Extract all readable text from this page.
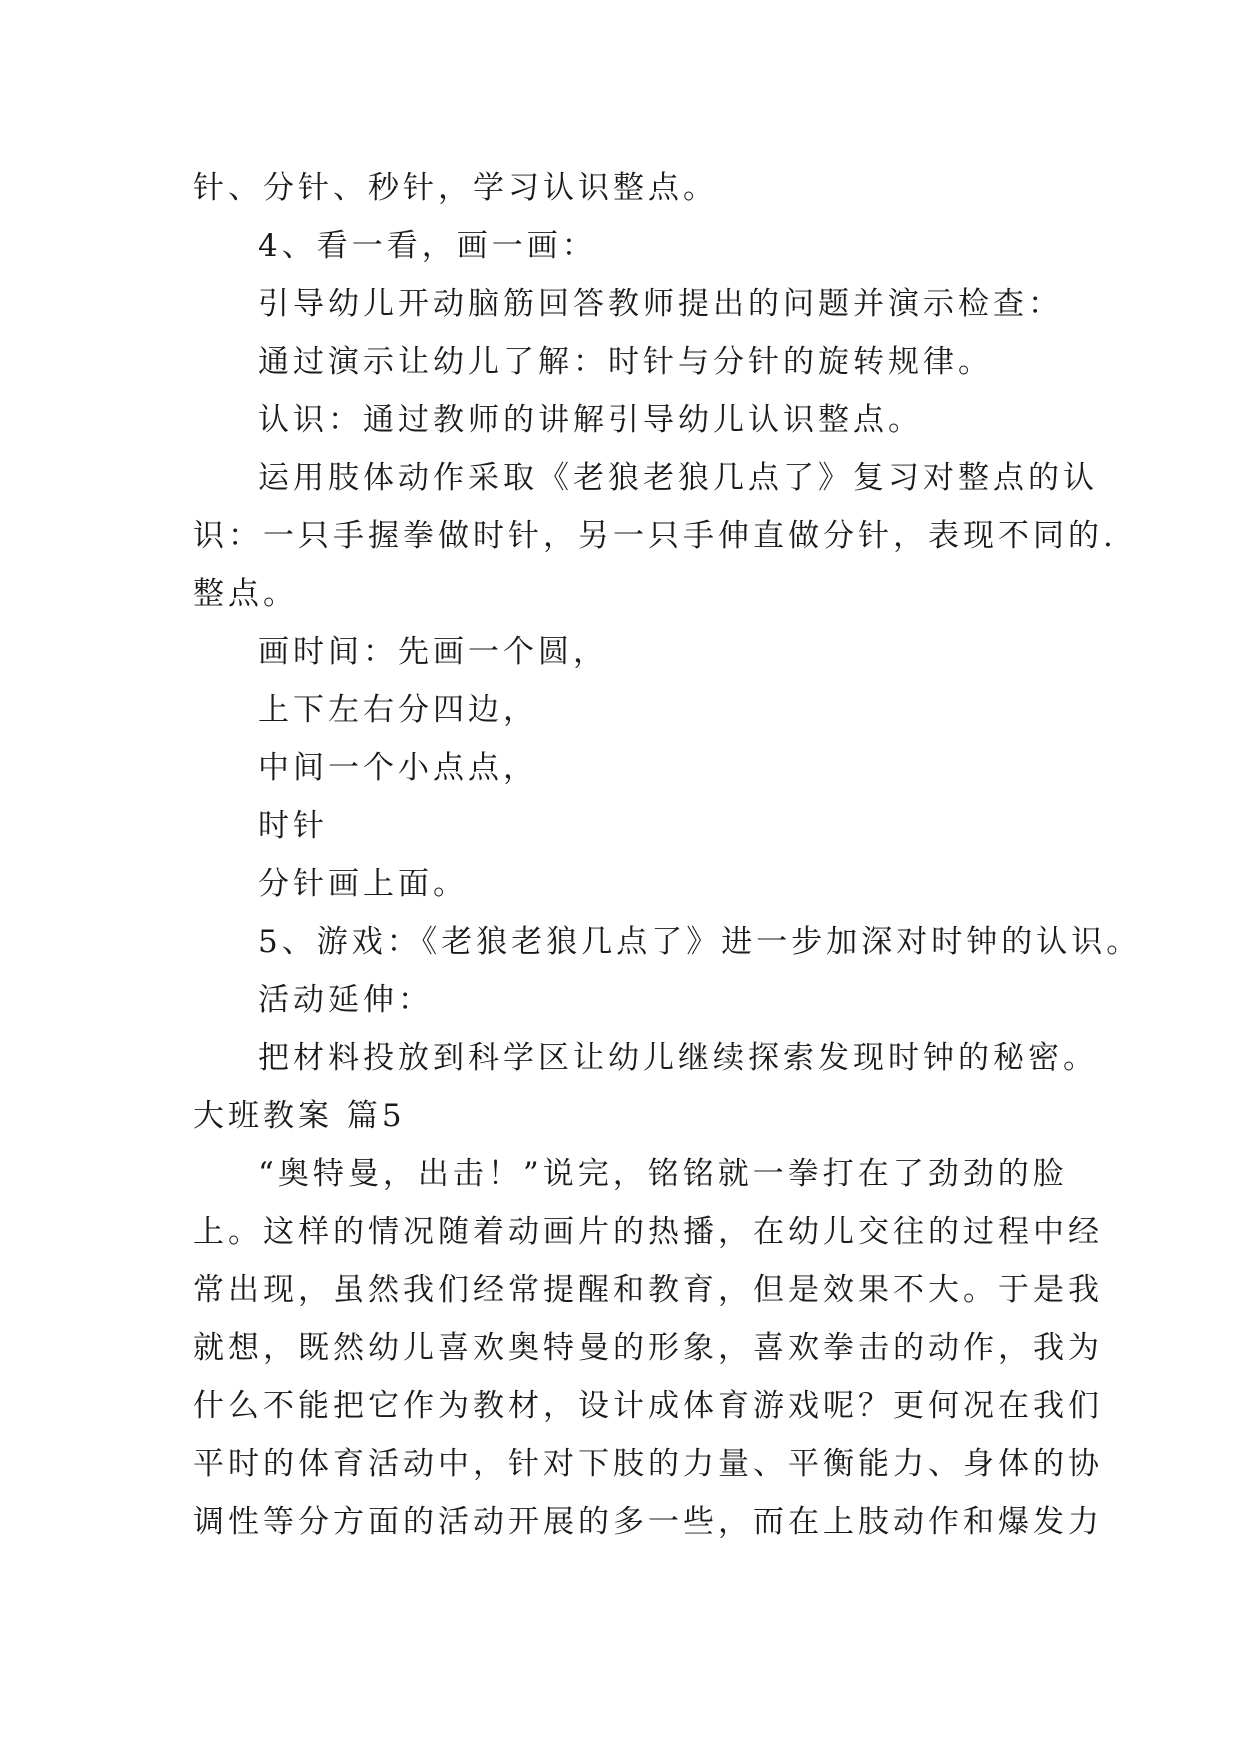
针、分针、秒针，学习认识整点。
4、看一看，画一画：
引导幼儿开动脑筋回答教师提出的问题并演示检查：
通过演示让幼儿了解：时针与分针的旋转规律。
认识：通过教师的讲解引导幼儿认识整点。
运用肢体动作采取《老狼老狼几点了》复习对整点的认
识：一只手握拳做时针，另一只手伸直做分针，表现不同的.
整点。
画时间：先画一个圆，
上下左右分四边，
中间一个小点点，
时针
分针画上面。
5、游戏：《老狼老狼几点了》进一步加深对时钟的认识。
活动延伸：
把材料投放到科学区让幼儿继续探索发现时钟的秘密。
大班教案 篇5
“奥特曼，出击！”说完，铭铭就一拳打在了劲劲的脸
上。这样的情况随着动画片的热播，在幼儿交往的过程中经
常出现，虽然我们经常提醒和教育，但是效果不大。于是我
就想，既然幼儿喜欢奥特曼的形象，喜欢拳击的动作，我为
什么不能把它作为教材，设计成体育游戏呢？更何况在我们
平时的体育活动中，针对下肢的力量、平衡能力、身体的协
调性等分方面的活动开展的多一些，而在上肢动作和爆发力
